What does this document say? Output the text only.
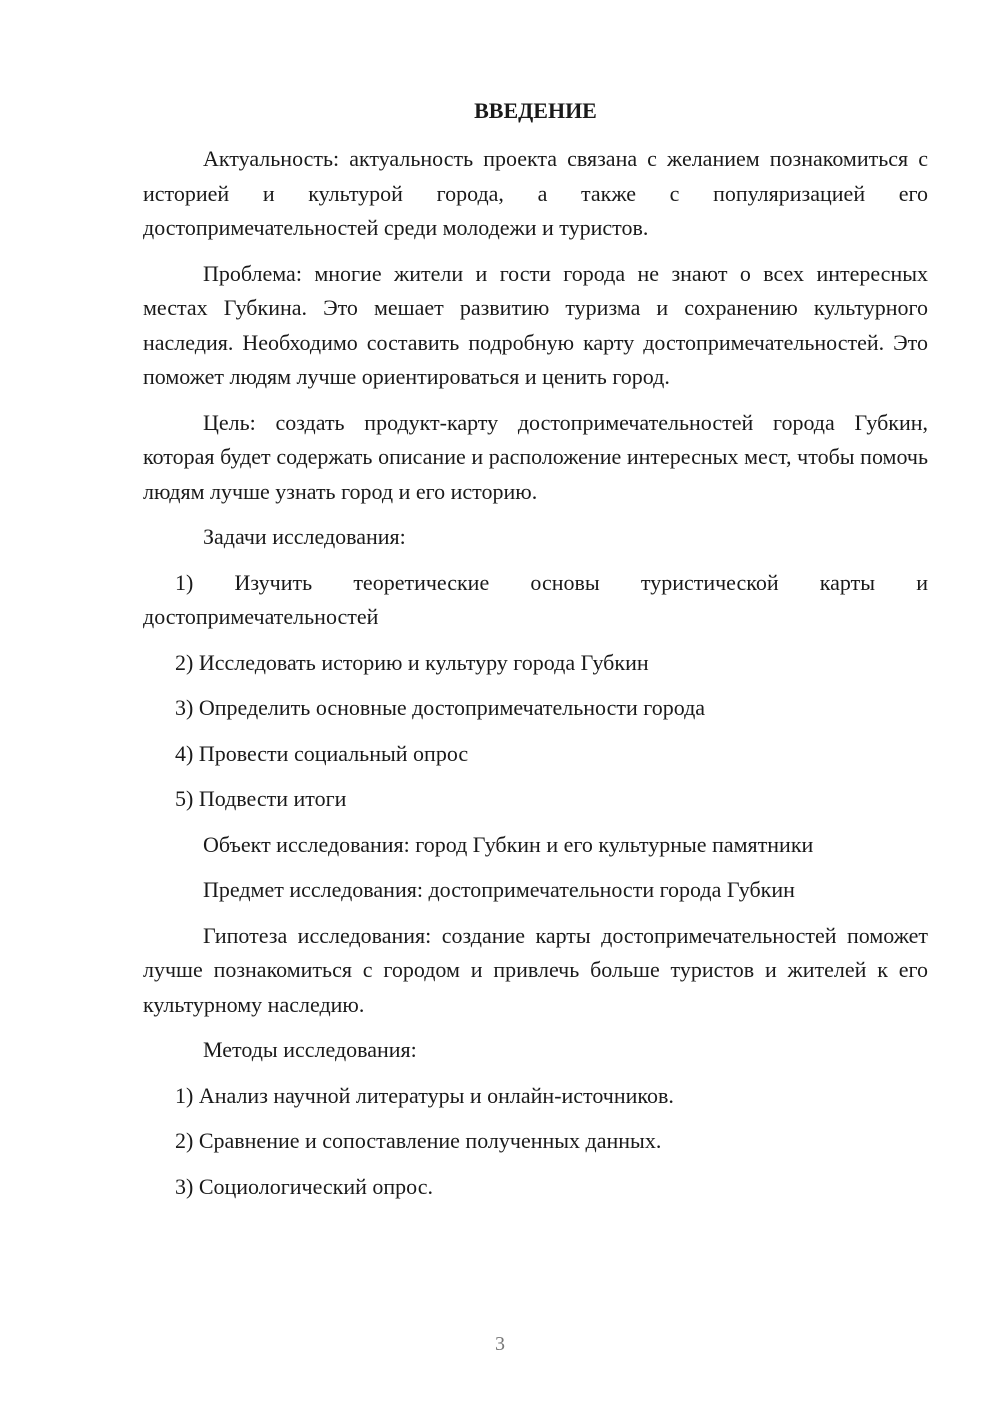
ВВЕДЕНИЕ

Актуальность: актуальность проекта связана с желанием познакомиться с историей и культурой города, а также с популяризацией его достопримечательностей среди молодежи и туристов.

Проблема: многие жители и гости города не знают о всех интересных местах Губкина. Это мешает развитию туризма и сохранению культурного наследия. Необходимо составить подробную карту достопримечательностей. Это поможет людям лучше ориентироваться и ценить город.

Цель: создать продукт-карту достопримечательностей города Губкин, которая будет содержать описание и расположение интересных мест, чтобы помочь людям лучше узнать город и его историю.

Задачи исследования:

1) Изучить теоретические основы туристической карты и достопримечательностей

2) Исследовать историю и культуру города Губкин

3) Определить основные достопримечательности города

4) Провести социальный опрос

5) Подвести итоги

Объект исследования: город Губкин и его культурные памятники

Предмет исследования: достопримечательности города Губкин

Гипотеза исследования: создание карты достопримечательностей поможет лучше познакомиться с городом и привлечь больше туристов и жителей к его культурному наследию.

Методы исследования:

1) Анализ научной литературы и онлайн-источников.

2) Сравнение и сопоставление полученных данных.

3) Социологический опрос.

3
